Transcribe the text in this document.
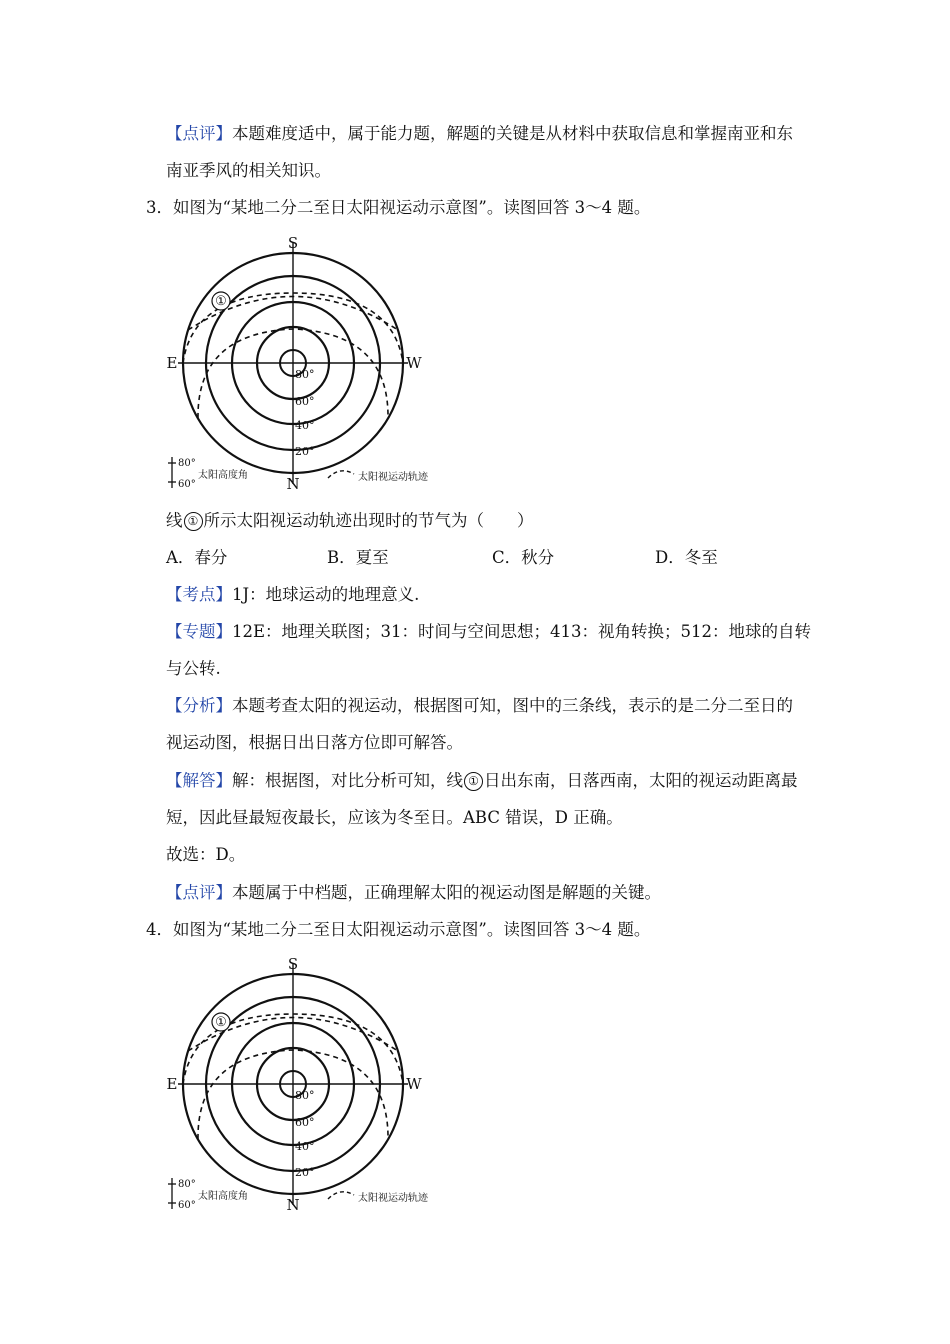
【点评】本题难度适中，属于能力题，解题的关键是从材料中获取信息和掌握南亚和东
南亚季风的相关知识。
3．如图为“某地二分二至日太阳视运动示意图”。读图回答 3～4 题。
①
S
N
E	W
80°
60°
40°
20°
80°
60°
太阳高度角	太阳视运动轨迹
线 ① 所示太阳视运动轨迹出现时的节气为（　　）
A．春分	B．夏至	C．秋分	D．冬至
【考点】1J：地球运动的地理意义.
【专题】12E：地理关联图；31：时间与空间思想；413：视角转换；512：地球的自转
与公转.
【分析】本题考查太阳的视运动，根据图可知，图中的三条线，表示的是二分二至日的
视运动图，根据日出日落方位即可解答。
【解答】解：根据图，对比分析可知，线 ① 日出东南，日落西南，太阳的视运动距离最
短，因此昼最短夜最长，应该为冬至日。ABC 错误，D 正确。
故选：D。
【点评】本题属于中档题，正确理解太阳的视运动图是解题的关键。
4．如图为“某地二分二至日太阳视运动示意图”。读图回答 3～4 题。
①
S
N
E	W
80°
60°
40°
20°
80°
60°
太阳高度角	太阳视运动轨迹
